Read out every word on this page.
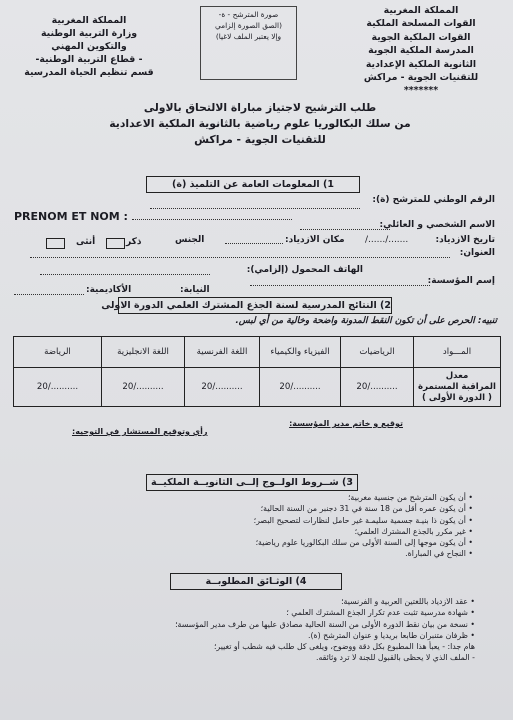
المملكة المغربية
القوات المسلحة الملكية
القوات الملكية الجوية
المدرسة الملكية الجوية
الثانوية الملكية الإعدادية
للتقنيات الجوية - مراكش
*******
صورة المترشح - ة-
(الصق الصورة إلزامي
وإلا يعتبر الملف لاغيا)
المملكة المغربية
وزارة التربية الوطنية
والتكوين المهني
- قطاع التربية الوطنية-
قسم تنظيم الحياة المدرسية
طلب الترشيح لاجتياز مباراة الالتحاق بالاولى
من سلك البكالوريا علوم رياضية بالثانوية الملكية الاعدادية
للتقنيات الجوية - مراكش
1) المعلومات العامة عن التلميذ (ة)
الرقم الوطني للمترشح (ة):
PRENOM ET NOM :
الاسم الشخصي و العائلي:
تاريخ الازدياد:
/....../.......
مكان الازدياد:
الجنس
ذكر
أنثى
العنوان:
الهاتف المحمول (إلزامي):
إسم المؤسسة:
النيابة:
الأكاديمية:
2) النتائج المدرسية لسنة الجذع المشترك العلمي الدورة الاولى
تنبيه: الحرص على أن تكون النقط المدونة واضحة وخالية من أي لبس.
المـــواد	الرياضيات	الفيزياء والكيمياء	اللغة الفرنسية	اللغة الانجليزية	الرياضة

معدل
المراقبة المستمرة
( الدورة الأولى )	........../20	........../20	........../20	........../20	........../20
توقيع و خاتم مدير المؤسسة:
رأي وتوقيع المستشار في التوجيه:
3) شــروط الولــوج إلــى الثانويــة الملكيــة
• أن يكون المترشح من جنسية مغربية؛
• أن يكون عمره أقل من 18 سنة في 31 دجنبر من السنة الحالية؛
• أن يكون ذا بنيـة جسمية سليمـة غير حامل لنظارات لتصحيح البصر؛
• غير مكرر بالجذع المشترك العلمي؛
• أن يكون موجها إلى السنة الأولى من سلك البكالوريا علوم رياضية؛
• النجاح في المباراة.
4) الوثـائق المطلوبــة
• عقد الازدياد باللغتين العربية و الفرنسية؛
• شهادة مدرسية تثبت عدم تكرار الجذع المشترك العلمي ؛
• نسخة من بيان نقط الدورة الأولى من السنة الحالية مصادق عليها من طرف مدير المؤسسة؛
• ظرفان متنبران طابعا بريديا و عنوان المترشح (ة).
هام جدا: - يعبأ هذا المطبوع بكل دقة ووضوح، ويلغى كل طلب فيه شطب أو تغيير؛
- الملف الذي لا يحظى بالقبول للجنة لا ترد وثائقه.
